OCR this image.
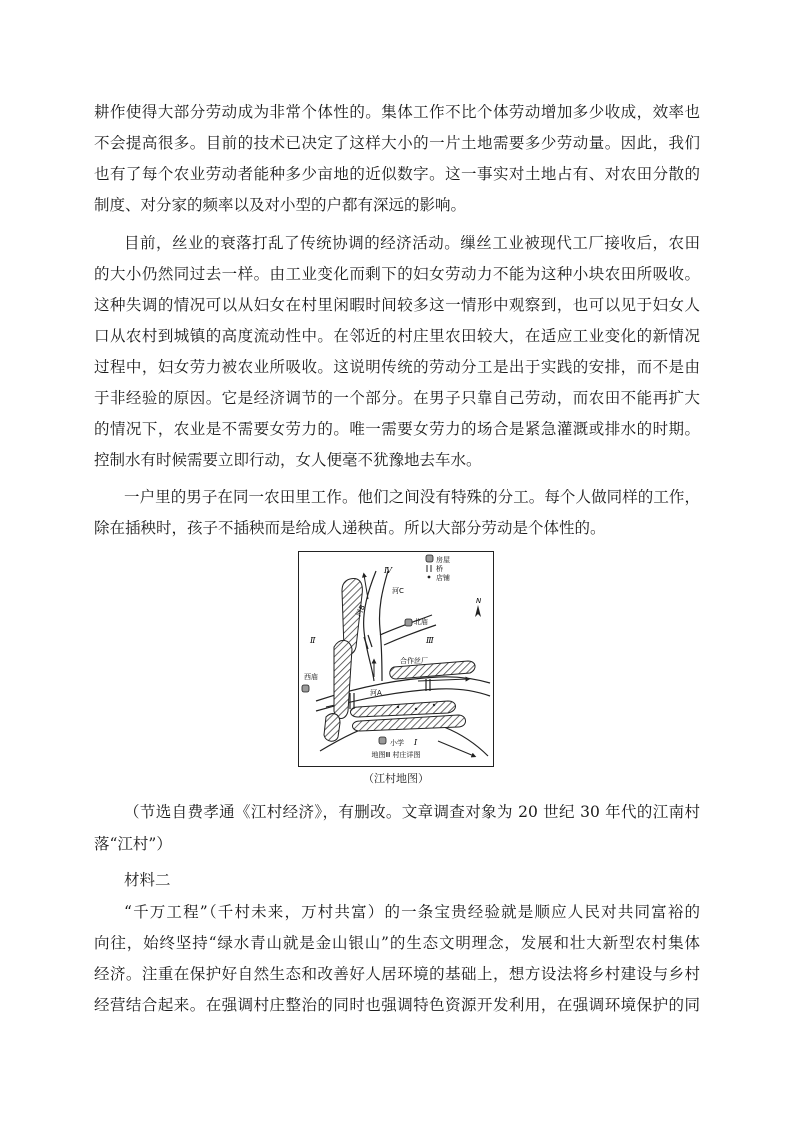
耕作使得大部分劳动成为非常个体性的。集体工作不比个体劳动增加多少收成，效率也
不会提高很多。目前的技术已决定了这样大小的一片土地需要多少劳动量。因此，我们
也有了每个农业劳动者能种多少亩地的近似数字。这一事实对土地占有、对农田分散的
制度、对分家的频率以及对小型的户都有深远的影响。
目前，丝业的衰落打乱了传统协调的经济活动。缫丝工业被现代工厂接收后，农田
的大小仍然同过去一样。由工业变化而剩下的妇女劳动力不能为这种小块农田所吸收。
这种失调的情况可以从妇女在村里闲暇时间较多这一情形中观察到，也可以见于妇女人
口从农村到城镇的高度流动性中。在邻近的村庄里农田较大，在适应工业变化的新情况
过程中，妇女劳力被农业所吸收。这说明传统的劳动分工是出于实践的安排，而不是由
于非经验的原因。它是经济调节的一个部分。在男子只靠自己劳动，而农田不能再扩大
的情况下，农业是不需要女劳力的。唯一需要女劳力的场合是紧急灌溉或排水的时期。
控制水有时候需要立即行动，女人便毫不犹豫地去车水。
一户里的男子在同一农田里工作。他们之间没有特殊的分工。每个人做同样的工作，
除在插秧时，孩子不插秧而是给成人递秧苗。所以大部分劳动是个体性的。
房屋
桥
店铺
N
河C
北庙
西庙
合作丝厂
河A
河B
小学 Ⅰ
Ⅱ	Ⅲ
Ⅳ
地图Ⅲ 村庄详图
（江村地图）
（节选自费孝通《江村经济》，有删改。文章调查对象为 20 世纪 30 年代的江南村
落“江村”）
材料二
“千万工程”（千村未来，万村共富）的一条宝贵经验就是顺应人民对共同富裕的
向往，始终坚持“绿水青山就是金山银山”的生态文明理念，发展和壮大新型农村集体
经济。注重在保护好自然生态和改善好人居环境的基础上，想方设法将乡村建设与乡村
经营结合起来。在强调村庄整治的同时也强调特色资源开发利用，在强调环境保护的同
